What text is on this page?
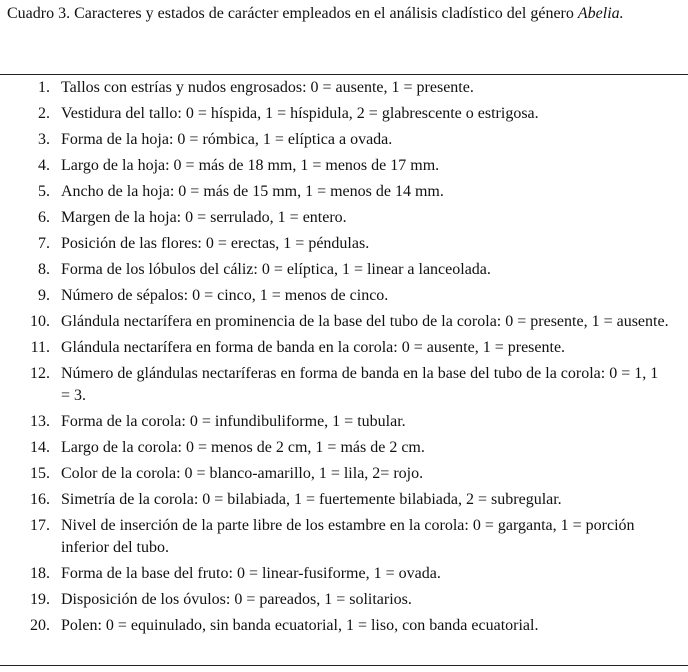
Cuadro 3. Caracteres y estados de carácter empleados en el análisis cladístico del género Abelia.
1. Tallos con estrías y nudos engrosados: 0 = ausente, 1 = presente.
2. Vestidura del tallo: 0 = híspida, 1 = híspidula, 2 = glabrescente o estrigosa.
3. Forma de la hoja: 0 = rómbica, 1 = elíptica a ovada.
4. Largo de la hoja: 0 = más de 18 mm, 1 = menos de 17 mm.
5. Ancho de la hoja: 0 = más de 15 mm, 1 = menos de 14 mm.
6. Margen de la hoja: 0 = serrulado, 1 = entero.
7. Posición de las flores: 0 = erectas, 1 = péndulas.
8. Forma de los lóbulos del cáliz: 0 = elíptica, 1 = linear a lanceolada.
9. Número de sépalos: 0 = cinco, 1 = menos de cinco.
10. Glándula nectarífera en prominencia de la base del tubo de la corola: 0 = presente, 1 = ausente.
11. Glándula nectarífera en forma de banda en la corola: 0 = ausente, 1 = presente.
12. Número de glándulas nectaríferas en forma de banda en la base del tubo de la corola: 0 = 1, 1 = 3.
13. Forma de la corola: 0 = infundibuliforme, 1 = tubular.
14. Largo de la corola: 0 = menos de 2 cm, 1 = más de 2 cm.
15. Color de la corola: 0 = blanco-amarillo, 1 = lila, 2= rojo.
16. Simetría de la corola: 0 = bilabiada, 1 = fuertemente bilabiada, 2 = subregular.
17. Nivel de inserción de la parte libre de los estambre en la corola: 0 = garganta, 1 = porción inferior del tubo.
18. Forma de la base del fruto: 0 = linear-fusiforme, 1 = ovada.
19. Disposición de los óvulos: 0 = pareados, 1 = solitarios.
20. Polen: 0 = equinulado, sin banda ecuatorial, 1 = liso, con banda ecuatorial.
